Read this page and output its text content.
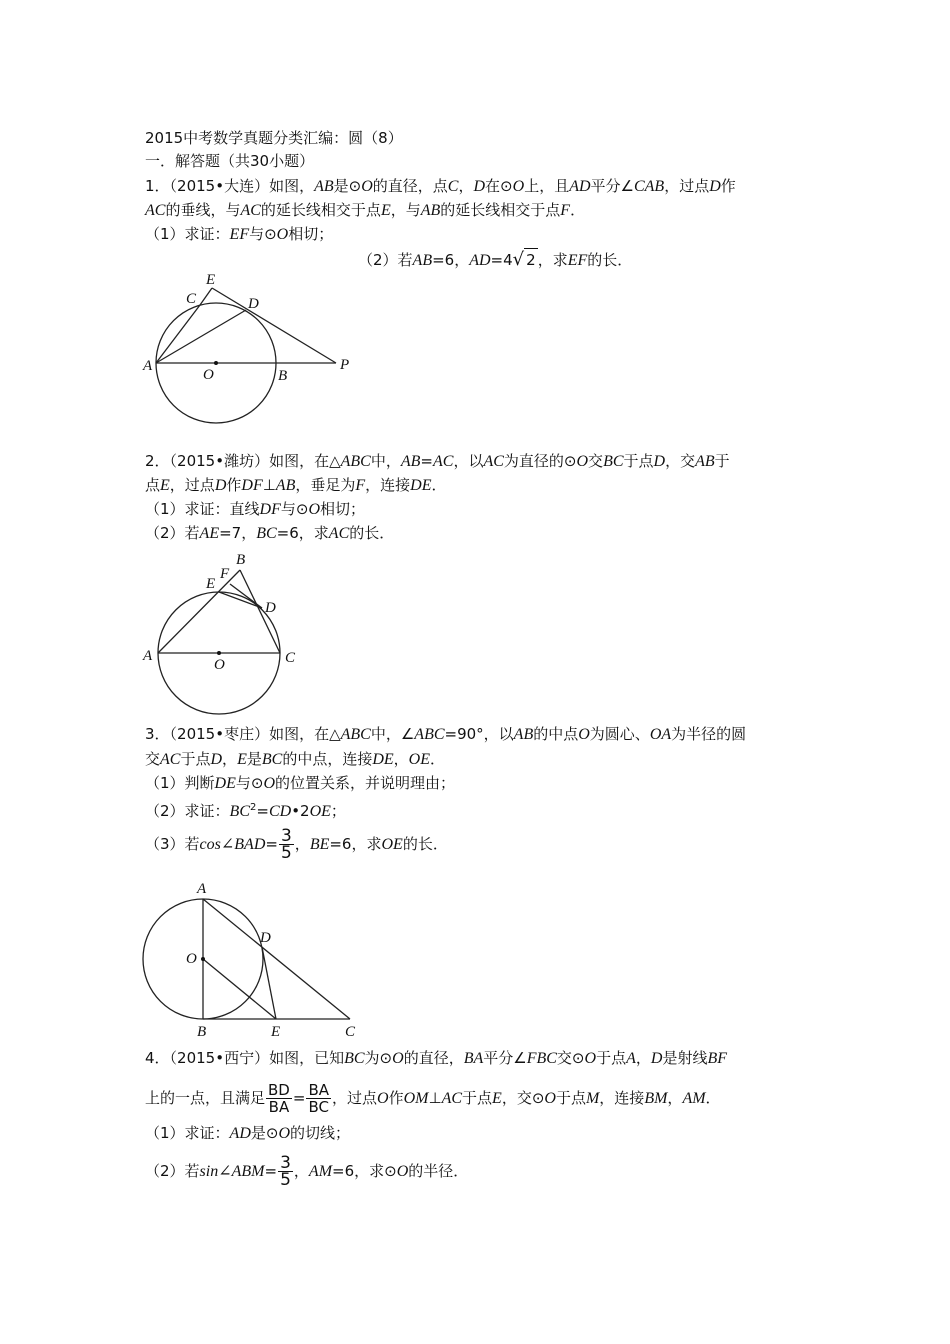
2015中考数学真题分类汇编：圆（8）
一．解答题（共30小题）
1．（2015•大连）如图，AB是⊙O的直径，点C，D在⊙O上，且AD平分∠CAB，过点D作
AC的垂线，与AC的延长线相交于点E，与AB的延长线相交于点F．
（1）求证：EF与⊙O相切；
（2）若AB=6，AD=4√ 2 ，求EF的长．
E
C	D
A
O	B
P
2．（2015•潍坊）如图，在△ABC中，AB=AC，以AC为直径的⊙O交BC于点D，交AB于
点E，过点D作DF⊥AB，垂足为F，连接DE．
（1）求证：直线DF与⊙O相切；
（2）若AE=7，BC=6，求AC的长．
B
E
F
D
A
O	C
3．（2015•枣庄）如图，在△ABC中，∠ABC=90°，以AB的中点O为圆心、OA为半径的圆
交AC于点D，E是BC的中点，连接DE，OE．
（1）判断DE与⊙O的位置关系，并说明理由；
（2）求证：$BC^2=CD•2OE$；
（3）若cos∠BAD= $\frac{3}{5}$ ，BE=6，求OE的长．
A
D
O
B	E	C
4．（2015•西宁）如图，已知BC为⊙O的直径，BA平分∠FBC交⊙O于点A，D是射线BF
上的一点，且满足 $\frac{BD}{BA} = \frac{BA}{BC}$ ，过点O作OM⊥AC于点E，交⊙O于点M，连接BM，AM．
（1）求证：AD是⊙O的切线；
（2）若sin∠ABM= $\frac{3}{5}$ ，AM=6，求⊙O的半径．
